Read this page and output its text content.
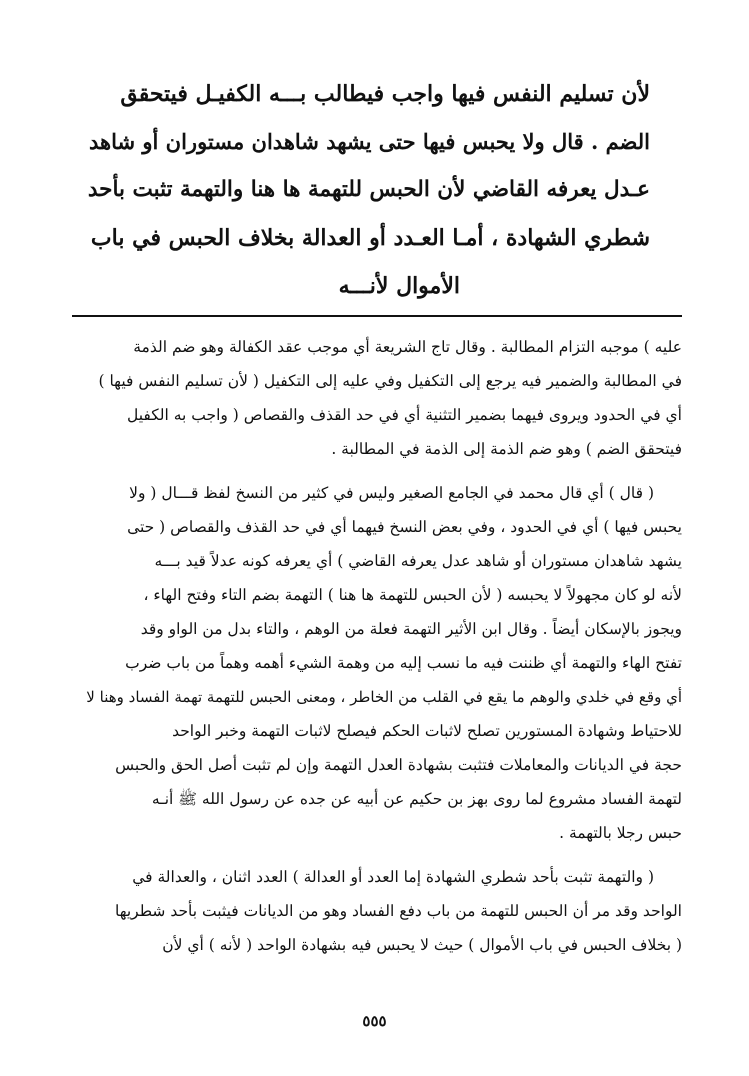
لأن تسليم النفس فيها واجب فيطالب بـــه الكفيـل فيتحقق
الضم . قال ولا يحبس فيها حتى يشهد شاهدان مستوران أو شاهد
عـدل يعرفه القاضي لأن الحبس للتهمة ها هنا والتهمة تثبت بأحد
شطري الشهادة ، أمـا العـدد أو العدالة بخلاف الحبس في باب
الأموال لأنـــه
عليه ) موجبه التزام المطالبة . وقال تاج الشريعة أي موجب عقد الكفالة وهو ضم الذمة
في المطالبة والضمير فيه يرجع إلى التكفيل وفي عليه إلى التكفيل ( لأن تسليم النفس فيها )
أي في الحدود ويروى فيهما بضمير التثنية أي في حد القذف والقصاص ( واجب به الكفيل
فيتحقق الضم ) وهو ضم الذمة إلى الذمة في المطالبة .
( قال ) أي قال محمد في الجامع الصغير وليس في كثير من النسخ لفظ قـــال ( ولا
يحبس فيها ) أي في الحدود ، وفي بعض النسخ فيهما أي في حد القذف والقصاص ( حتى
يشهد شاهدان مستوران أو شاهد عدل يعرفه القاضي ) أي يعرفه كونه عدلاً قيد بـــه
لأنه لو كان مجهولاً لا يحبسه ( لأن الحبس للتهمة ها هنا ) التهمة بضم التاء وفتح الهاء ،
ويجوز بالإسكان أيضاً . وقال ابن الأثير التهمة فعلة من الوهم ، والتاء بدل من الواو وقد
تفتح الهاء والتهمة أي ظننت فيه ما نسب إليه من وهمة الشيء أهمه وهماً من باب ضرب
أي وقع في خلدي والوهم ما يقع في القلب من الخاطر ، ومعنى الحبس للتهمة تهمة الفساد وهنا لا
للاحتياط وشهادة المستورين تصلح لاثبات الحكم فيصلح لاثبات التهمة وخبر الواحد
حجة في الديانات والمعاملات فتثبت بشهادة العدل التهمة وإن لم تثبت أصل الحق والحبس
لتهمة الفساد مشروع لما روى بهز بن حكيم عن أبيه عن جده عن رسول الله ﷺ أنـه
حبس رجلا بالتهمة .
( والتهمة تثبت بأحد شطري الشهادة إما العدد أو العدالة ) العدد اثنان ، والعدالة في
الواحد وقد مر أن الحبس للتهمة من باب دفع الفساد وهو من الديانات فيثبت بأحد شطريها
( بخلاف الحبس في باب الأموال ) حيث لا يحبس فيه بشهادة الواحد ( لأنه ) أي لأن
٥٥٥
